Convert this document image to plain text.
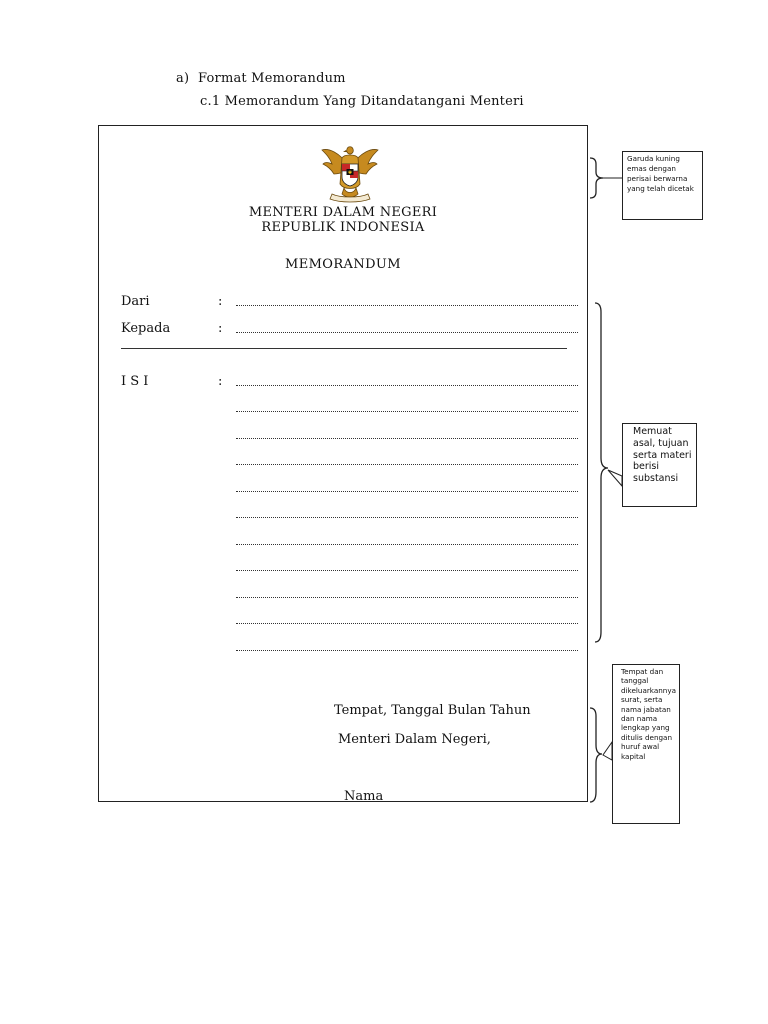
a) Format Memorandum
c.1 Memorandum Yang Ditandatangani Menteri
MENTERI DALAM NEGERI
REPUBLIK INDONESIA
MEMORANDUM
Dari	:
Kepada	:
I S I	:
Tempat, Tanggal Bulan Tahun
Menteri Dalam Negeri,
Nama
Garuda kuning emas dengan perisai berwarna yang telah dicetak
Memuat asal, tujuan serta materi berisi substansi
Tempat dan tanggal dikeluarkannya surat, serta nama jabatan dan nama lengkap yang ditulis dengan huruf awal kapital
